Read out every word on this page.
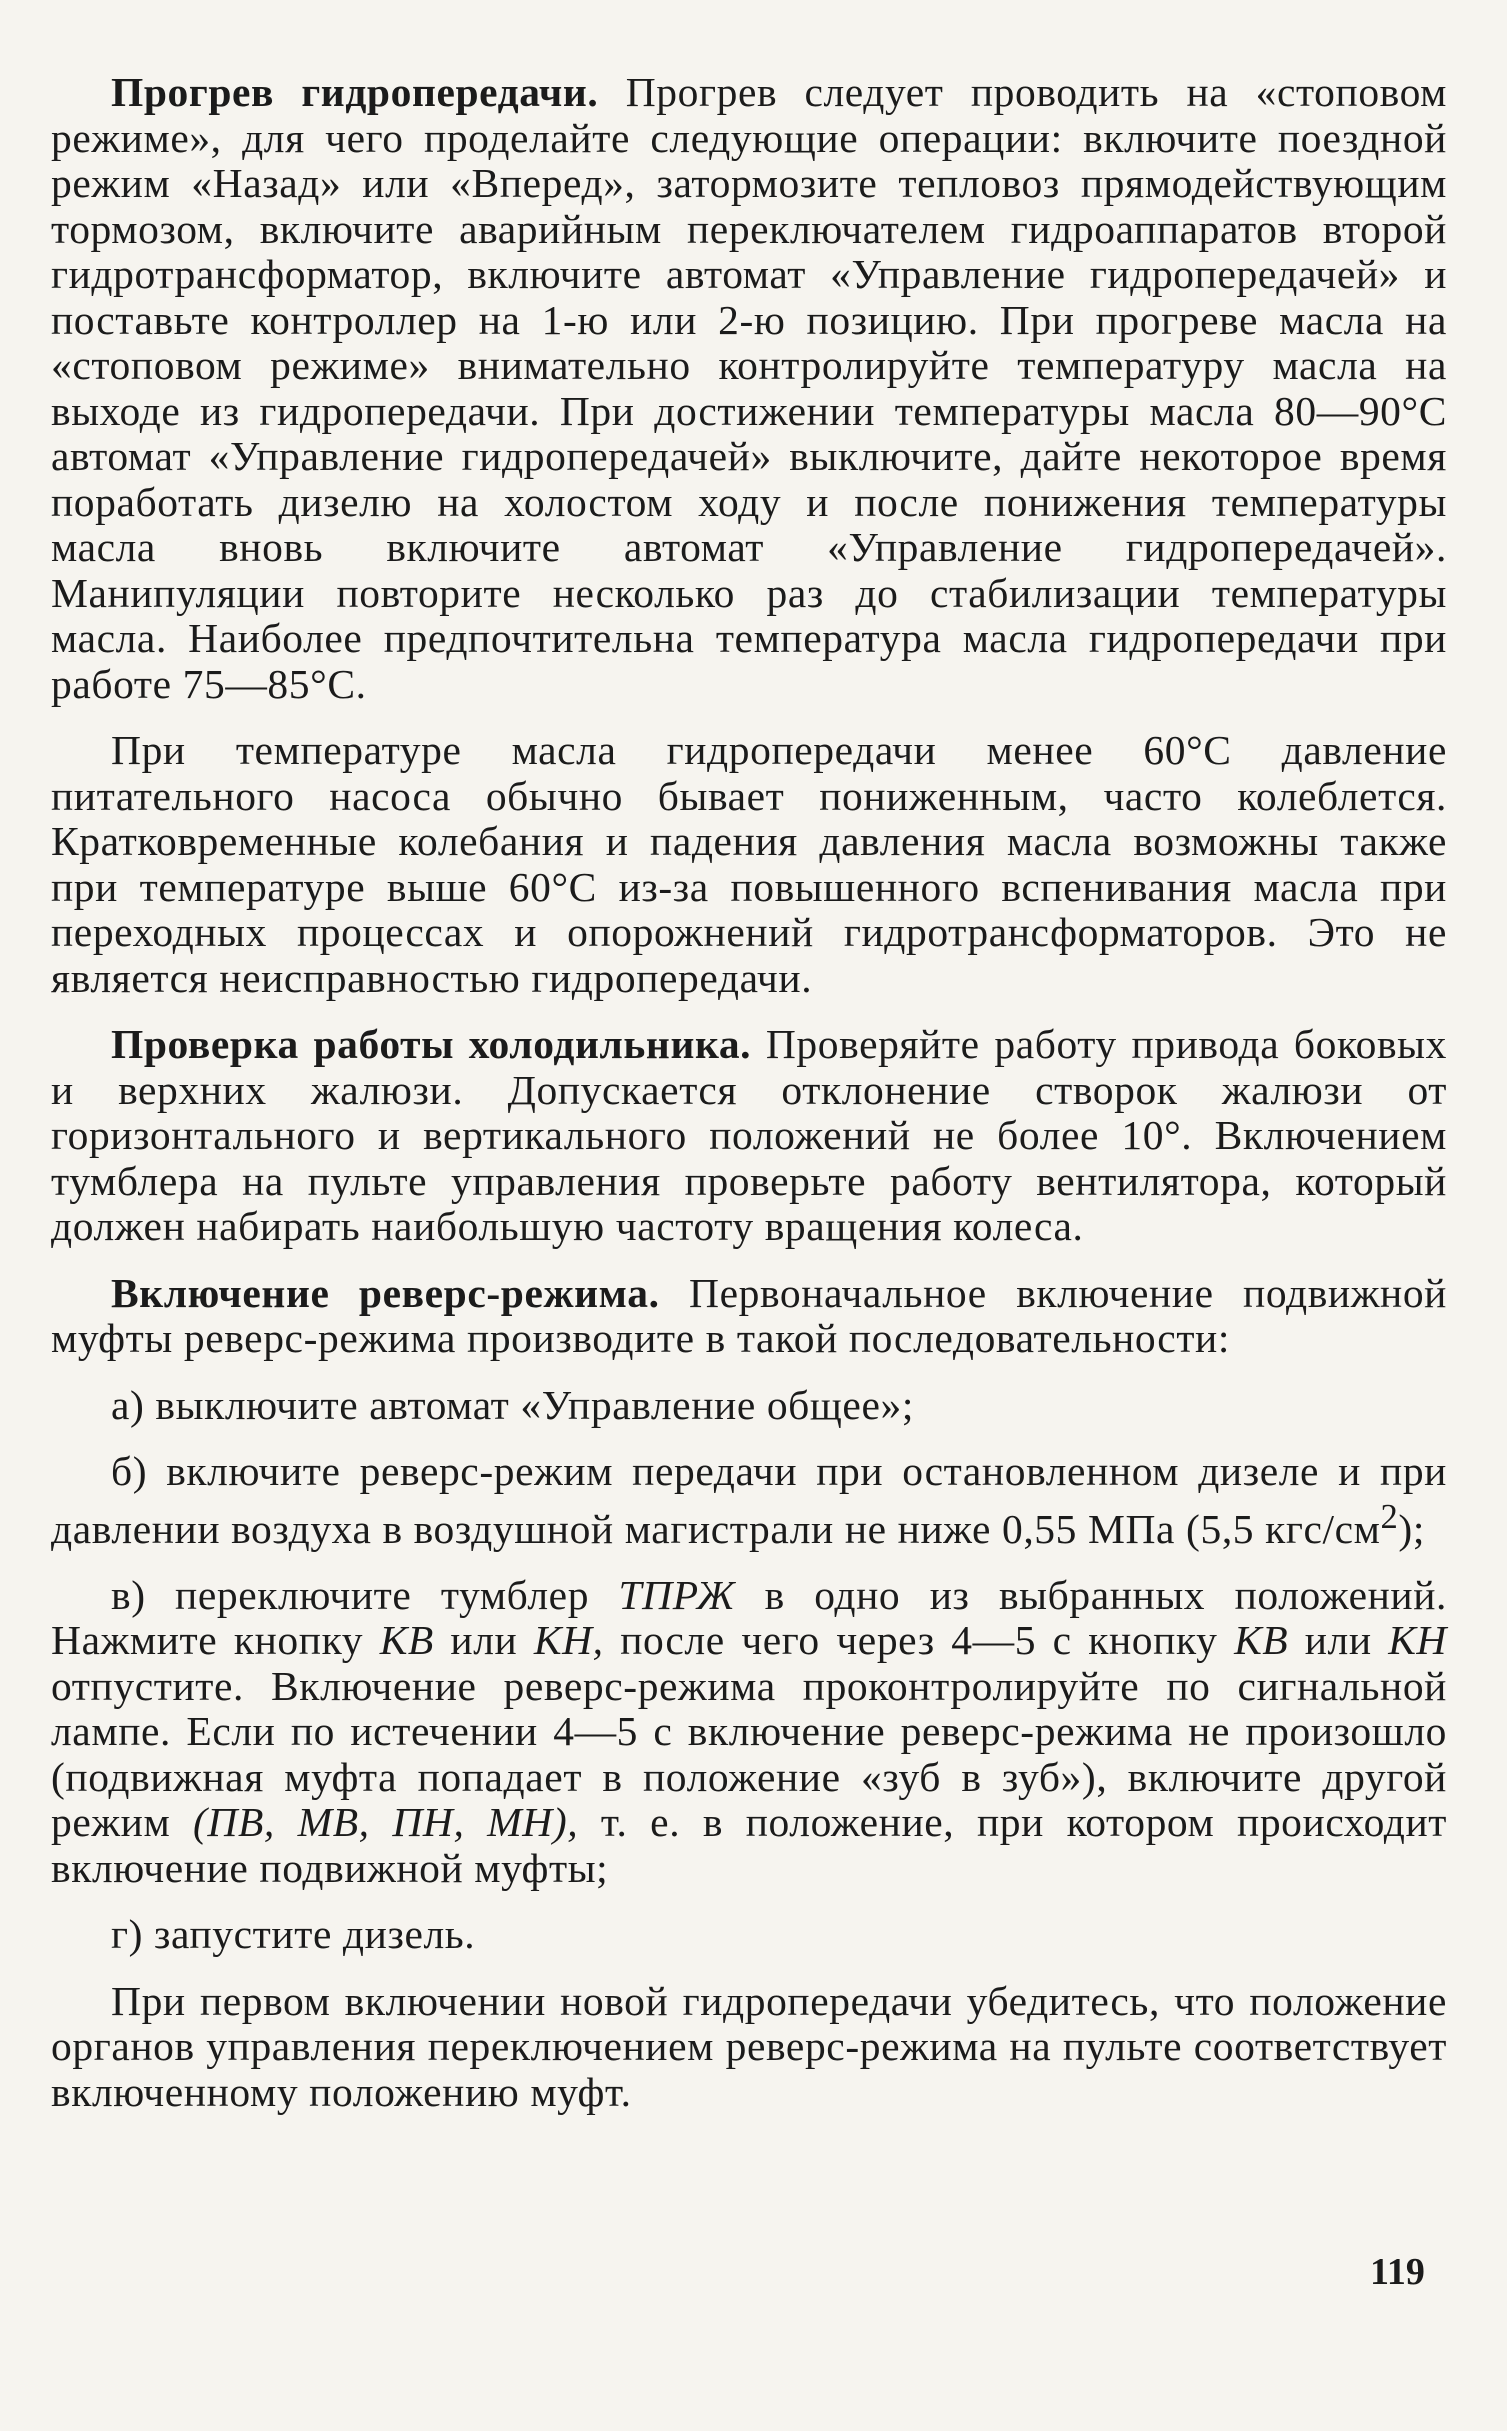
Прогрев гидропередачи. Прогрев следует проводить на «стоповом режиме», для чего проделайте следующие операции: включите поездной режим «Назад» или «Вперед», затормозите тепловоз прямодействующим тормозом, включите аварийным переключателем гидроаппаратов второй гидротрансформатор, включите автомат «Управление гидропередачей» и поставьте контроллер на 1-ю или 2-ю позицию. При прогреве масла на «стоповом режиме» внимательно контролируйте температуру масла на выходе из гидропередачи. При достижении температуры масла 80—90°С автомат «Управление гидропередачей» выключите, дайте некоторое время поработать дизелю на холостом ходу и после понижения температуры масла вновь включите автомат «Управление гидропередачей». Манипуляции повторите несколько раз до стабилизации температуры масла. Наиболее предпочтительна температура масла гидропередачи при работе 75—85°С.

При температуре масла гидропередачи менее 60°С давление питательного насоса обычно бывает пониженным, часто колеблется. Кратковременные колебания и падения давления масла возможны также при температуре выше 60°С из-за повышенного вспенивания масла при переходных процессах и опорожнений гидротрансформаторов. Это не является неисправностью гидропередачи.

Проверка работы холодильника. Проверяйте работу привода боковых и верхних жалюзи. Допускается отклонение створок жалюзи от горизонтального и вертикального положений не более 10°. Включением тумблера на пульте управления проверьте работу вентилятора, который должен набирать наибольшую частоту вращения колеса.

Включение реверс-режима. Первоначальное включение подвижной муфты реверс-режима производите в такой последовательности:

а) выключите автомат «Управление общее»;

б) включите реверс-режим передачи при остановленном дизеле и при давлении воздуха в воздушной магистрали не ниже 0,55 МПа (5,5 кгс/$см^2$);

в) переключите тумблер ТПРЖ в одно из выбранных положений. Нажмите кнопку КВ или КН, после чего через 4—5 с кнопку КВ или КН отпустите. Включение реверс-режима проконтролируйте по сигнальной лампе. Если по истечении 4—5 с включение реверс-режима не произошло (подвижная муфта попадает в положение «зуб в зуб»), включите другой режим (ПВ, МВ, ПН, МН), т. е. в положение, при котором происходит включение подвижной муфты;

г) запустите дизель.

При первом включении новой гидропередачи убедитесь, что положение органов управления переключением реверс-режима на пульте соответствует включенному положению муфт.

119
